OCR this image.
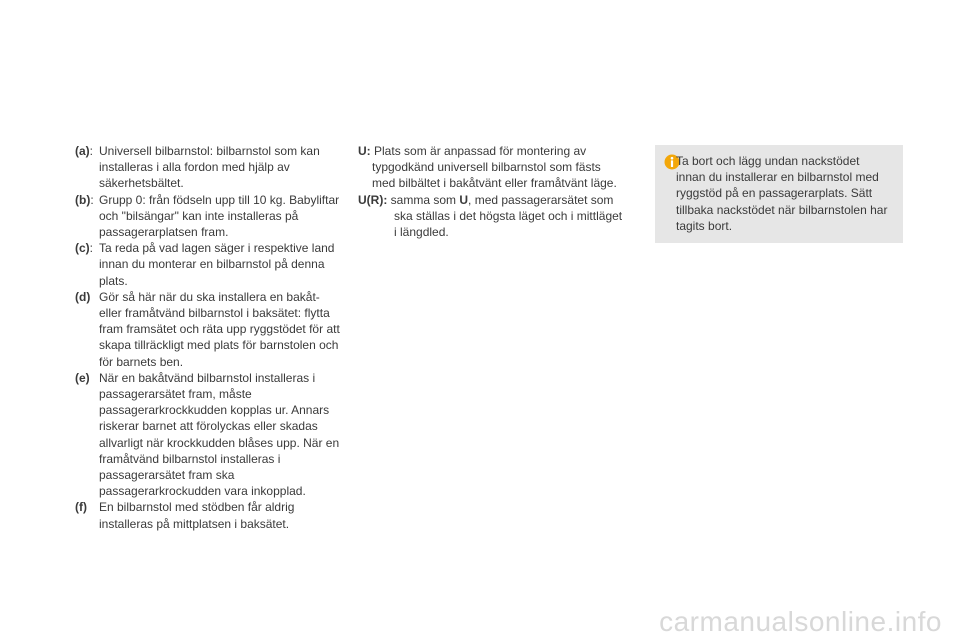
(a): Universell bilbarnstol: bilbarnstol som kan installeras i alla fordon med hjälp av säkerhetsbältet.
(b): Grupp 0: från födseln upp till 10 kg. Babyliftar och "bilsängar" kan inte installeras på passagerarplatsen fram.
(c): Ta reda på vad lagen säger i respektive land innan du monterar en bilbarnstol på denna plats.
(d) Gör så här när du ska installera en bakåt- eller framåtvänd bilbarnstol i baksätet: flytta fram framsätet och räta upp ryggstödet för att skapa tillräckligt med plats för barnstolen och för barnets ben.
(e) När en bakåtvänd bilbarnstol installeras i passagerarsätet fram, måste passagerarkrockkudden kopplas ur. Annars riskerar barnet att förolyckas eller skadas allvarligt när krockkudden blåses upp. När en framåtvänd bilbarnstol installeras i passagerarsätet fram ska passagerarkrockudden vara inkopplad.
(f)	En bilbarnstol med stödben får aldrig installeras på mittplatsen i baksätet.
U: Plats som är anpassad för montering av typgodkänd universell bilbarnstol som fästs med bilbältet i bakåtvänt eller framåtvänt läge.
U(R): samma som U, med passagerarsätet som ska ställas i det högsta läget och i mittläget i längdled.
Ta bort och lägg undan nackstödet innan du installerar en bilbarnstol med ryggstöd på en passagerarplats. Sätt tillbaka nackstödet när bilbarnstolen har tagits bort.
carmanualsonline.info
